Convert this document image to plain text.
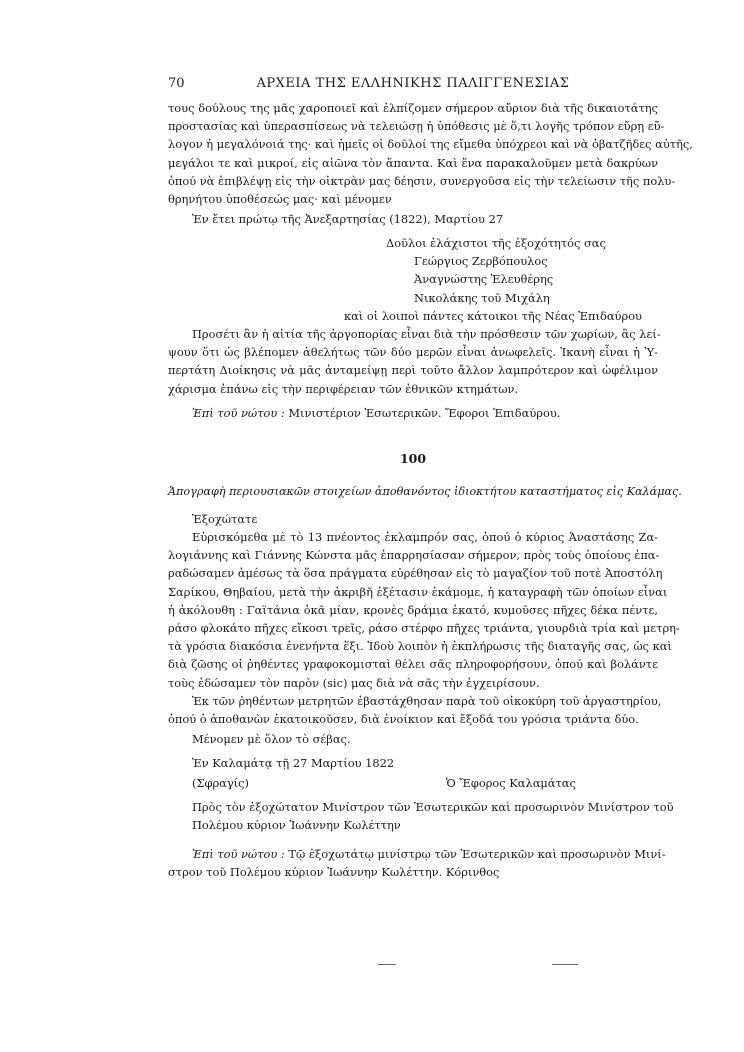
70	ΑΡΧΕΙΑ ΤΗΣ ΕΛΛΗΝΙΚΗΣ ΠΑΛΙΓΓΕΝΕΣΙΑΣ
τους δούλους της μᾶς χαροποιεῖ καὶ ἐλπίζομεν σήμερον αὔριον διὰ τῆς δικαιοτάτης
προστασίας καὶ ὑπερασπίσεως νὰ τελειώσῃ ἡ ὑπόθεσις μὲ ὅ,τι λογῆς τρόπον εὕρῃ εὔ-
λογον ἡ μεγαλόνοιά της· καὶ ἡμεῖς οἱ δοῦλοί της εἴμεθα ὑπόχρεοι καὶ νὰ ὁβατζῆδες αὐτῆς,
μεγάλοι τε καὶ μικροί, εἰς αἰῶνα τὸν ἅπαντα. Καὶ ἕνα παρακαλοῦμεν μετὰ δακρύων
ὁπού νὰ ἐπιβλέψῃ εἰς τὴν οἰκτρὰν μας δέησιν, συνεργοῦσα εἰς τὴν τελείωσιν τῆς πολυ-
θρηνήτου ὑποθέσεώς μας· καὶ μένομεν
Ἐν ἔτει πρώτῳ τῆς Ἀνεξαρτησίας (1822), Μαρτίου 27
Δοῦλοι ἐλάχιστοι τῆς ἐξοχότητός σας
Γεώργιος Ζερβόπουλος
Ἀναγνώστης Ἐλευθέρης
Νικολάκης τοῦ Μιχάλη
καὶ οἱ λοιποὶ πάντες κάτοικοι τῆς Νέας Ἐπιδαύρου
Προσέτι ἂν ἡ αἰτία τῆς ἀργοπορίας εἶναι διὰ τὴν πρόσθεσιν τῶν χωρίων, ἂς λεί-
ψουν ὅτι ὡς βλέπομεν ἀθελήτως τῶν δύο μερῶν εἶναι ἀνωφελεῖς. Ἱκανὴ εἶναι ἡ Ὑ-
περτάτη Διοίκησις νὰ μᾶς ἀνταμείψῃ περὶ τοῦτο ἄλλον λαμπρότερον καὶ ὠφέλιμον
χάρισμα ἐπάνω εἰς τὴν περιφέρειαν τῶν ἐθνικῶν κτημάτων.
Ἐπὶ τοῦ νώτου : Μινιστέριον Ἐσωτερικῶν. Ἔφοροι Ἐπιδαύρου.
100
Ἀπογραφὴ περιουσιακῶν στοιχείων ἀποθανόντος ἰδιοκτήτου καταστήματος εἰς Καλάμας.
Ἐξοχώτατε
Εὑρισκόμεθα μὲ τὸ 13 πνέοντος ἐκλαμπρόν σας, ὁπού ὁ κύριος Ἀναστάσης Ζα-
λογιάννης καὶ Γιάννης Κώνστα μᾶς ἐπαρρησίασαν σήμερον, πρὸς τοὺς ὁποίους ἐπα-
ραδώσαμεν ἀμέσως τὰ ὅσα πράγματα εὑρέθησαν εἰς τὸ μαγαζίον τοῦ ποτὲ Ἀποστόλη
Σαρίκου, Θηβαίου, μετὰ τὴν ἀκριβῆ ἐξέτασιν ἐκάμομε, ἡ καταγραφὴ τῶν ὁποίων εἶναι
ἡ ἀκόλουθη : Γαϊτάνια ὀκᾶ μίαν, κρονὲς δράμια ἑκατό, κυμοῦσες πῆχες δέκα πέντε,
ράσο φλοκάτο πῆχες εἴκοσι τρεῖς, ράσο στέρφο πῆχες τριάντα, γιουρδιὰ τρία καὶ μετρη-
τὰ γρόσια διακόσια ἐνενήντα ἕξι. Ἰδοὺ λοιπὸν ἡ ἐκπλήρωσις τῆς διαταγῆς σας, ὡς καὶ
διὰ ζῶσης οἱ ῥηθέντες γραφοκομισταὶ θέλει σᾶς πληροφορήσουν, ὁπού καὶ βολάντε
τοὺς ἐδώσαμεν τὸν παρὸν (sic) μας διὰ νὰ σᾶς τὴν ἐγχειρίσουν.
Ἐκ τῶν ῥηθέντων μετρητῶν ἐβαστάχθησαν παρὰ τοῦ οἰκοκύρη τοῦ ἀργαστηρίου,
ὁπού ὁ ἀποθανὼν ἐκατοικοῦσεν, διὰ ἐνοίκιον καὶ ἔξοδά του γρόσια τριάντα δύο.
Μένομεν μὲ ὅλον τὸ σέβας.
Ἐν Καλαμάτᾳ τῇ 27 Μαρτίου 1822
(Σφραγίς)	Ὁ Ἔφορος Καλαμάτας
Πρὸς τὸν ἐξοχώτατον Μινίστρον τῶν Ἐσωτερικῶν καὶ προσωρινὸν Μινίστρον τοῦ
Πολέμου κύριον Ἰωάννην Κωλέττην
Ἐπὶ τοῦ νώτου : Τῷ ἐξοχωτάτῳ μινίστρῳ τῶν Ἐσωτερικῶν καὶ προσωρινὸν Μινί-
στρον τοῦ Πολέμου κύριον Ἰωάννην Κωλέττην. Κόρινθος
